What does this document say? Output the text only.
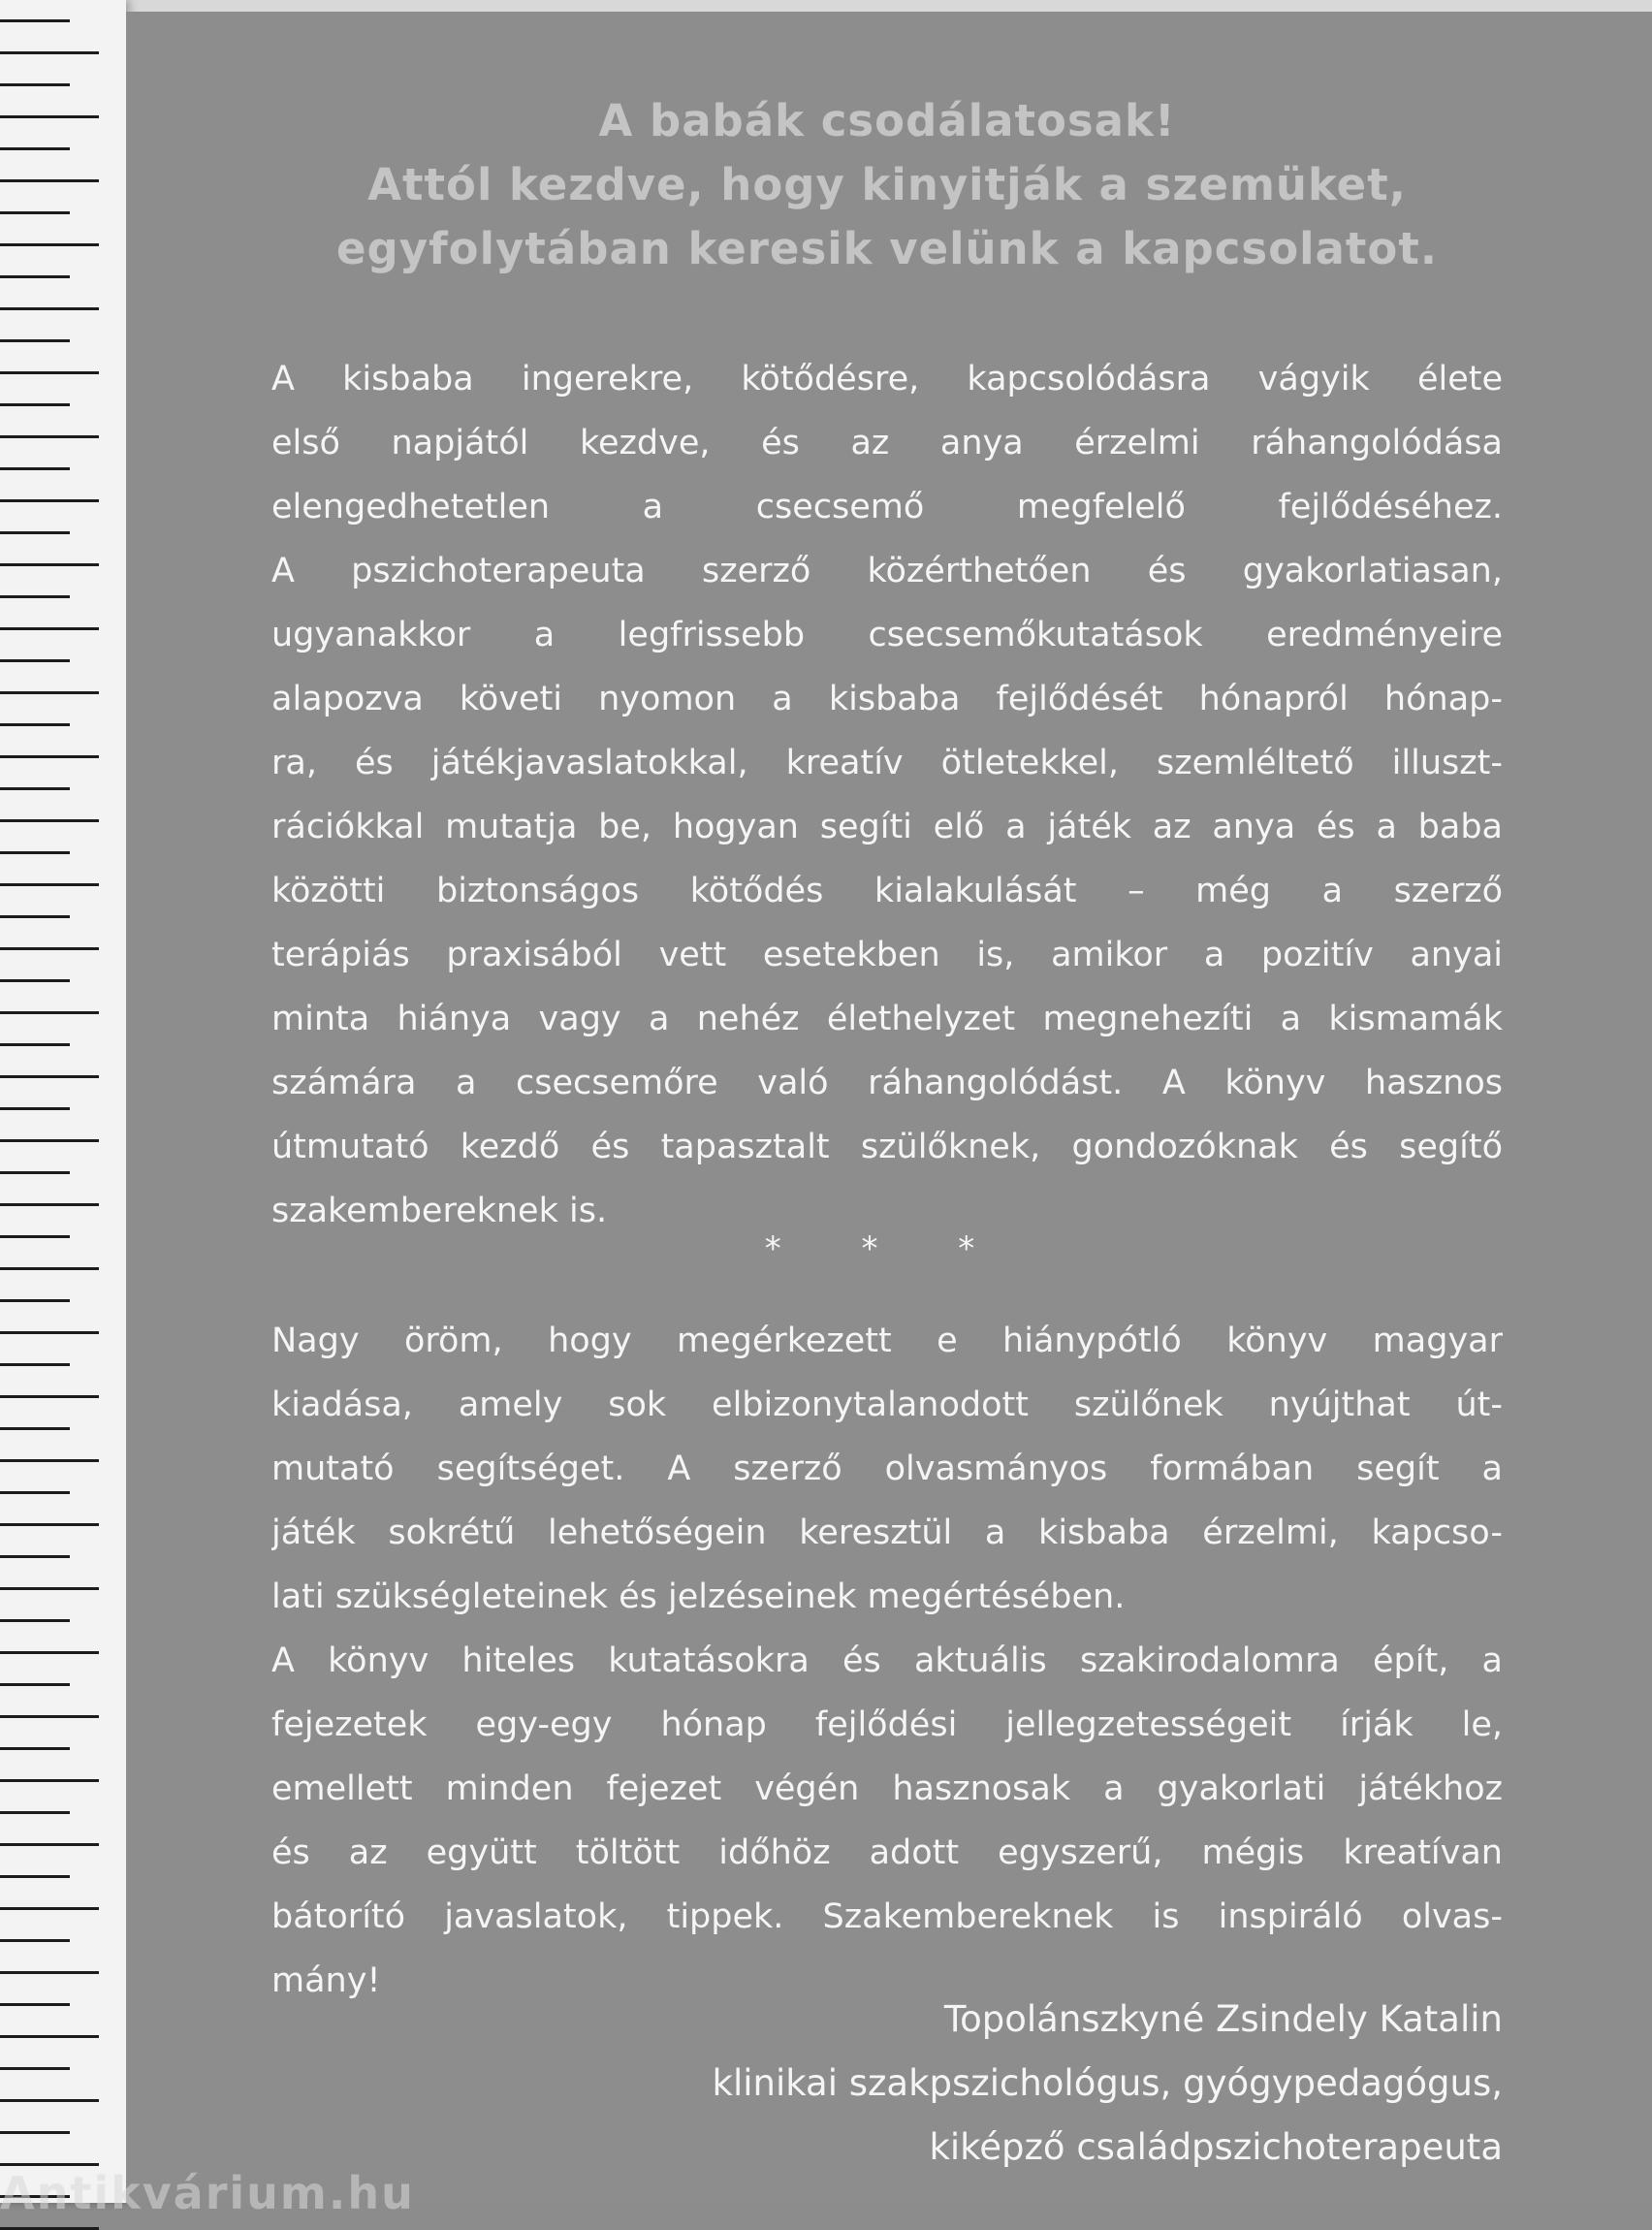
A babák csodálatosak!
Attól kezdve, hogy kinyitják a szemüket,
egyfolytában keresik velünk a kapcsolatot.
A kisbaba ingerekre, kötődésre, kapcsolódásra vágyik élete
első napjától kezdve, és az anya érzelmi ráhangolódása
elengedhetetlen a csecsemő megfelelő fejlődéséhez.
A pszichoterapeuta szerző közérthetően és gyakorlatiasan,
ugyanakkor a legfrissebb csecsemőkutatások eredményeire
alapozva követi nyomon a kisbaba fejlődését hónapról hónap-
ra, és játékjavaslatokkal, kreatív ötletekkel, szemléltető illuszt-
rációkkal mutatja be, hogyan segíti elő a játék az anya és a baba
közötti biztonságos kötődés kialakulását – még a szerző
terápiás praxisából vett esetekben is, amikor a pozitív anyai
minta hiánya vagy a nehéz élethelyzet megnehezíti a kismamák
számára a csecsemőre való ráhangolódást. A könyv hasznos
útmutató kezdő és tapasztalt szülőknek, gondozóknak és segítő
szakembereknek is.
* * *
Nagy öröm, hogy megérkezett e hiánypótló könyv magyar
kiadása, amely sok elbizonytalanodott szülőnek nyújthat út-
mutató segítséget. A szerző olvasmányos formában segít a
játék sokrétű lehetőségein keresztül a kisbaba érzelmi, kapcso-
lati szükségleteinek és jelzéseinek megértésében.
A könyv hiteles kutatásokra és aktuális szakirodalomra épít, a
fejezetek egy-egy hónap fejlődési jellegzetességeit írják le,
emellett minden fejezet végén hasznosak a gyakorlati játékhoz
és az együtt töltött időhöz adott egyszerű, mégis kreatívan
bátorító javaslatok, tippek. Szakembereknek is inspiráló olvas-
mány!
Topolánszkyné Zsindely Katalin
klinikai szakpszichológus, gyógypedagógus,
kiképző családpszichoterapeuta
Antikvárium.hu
